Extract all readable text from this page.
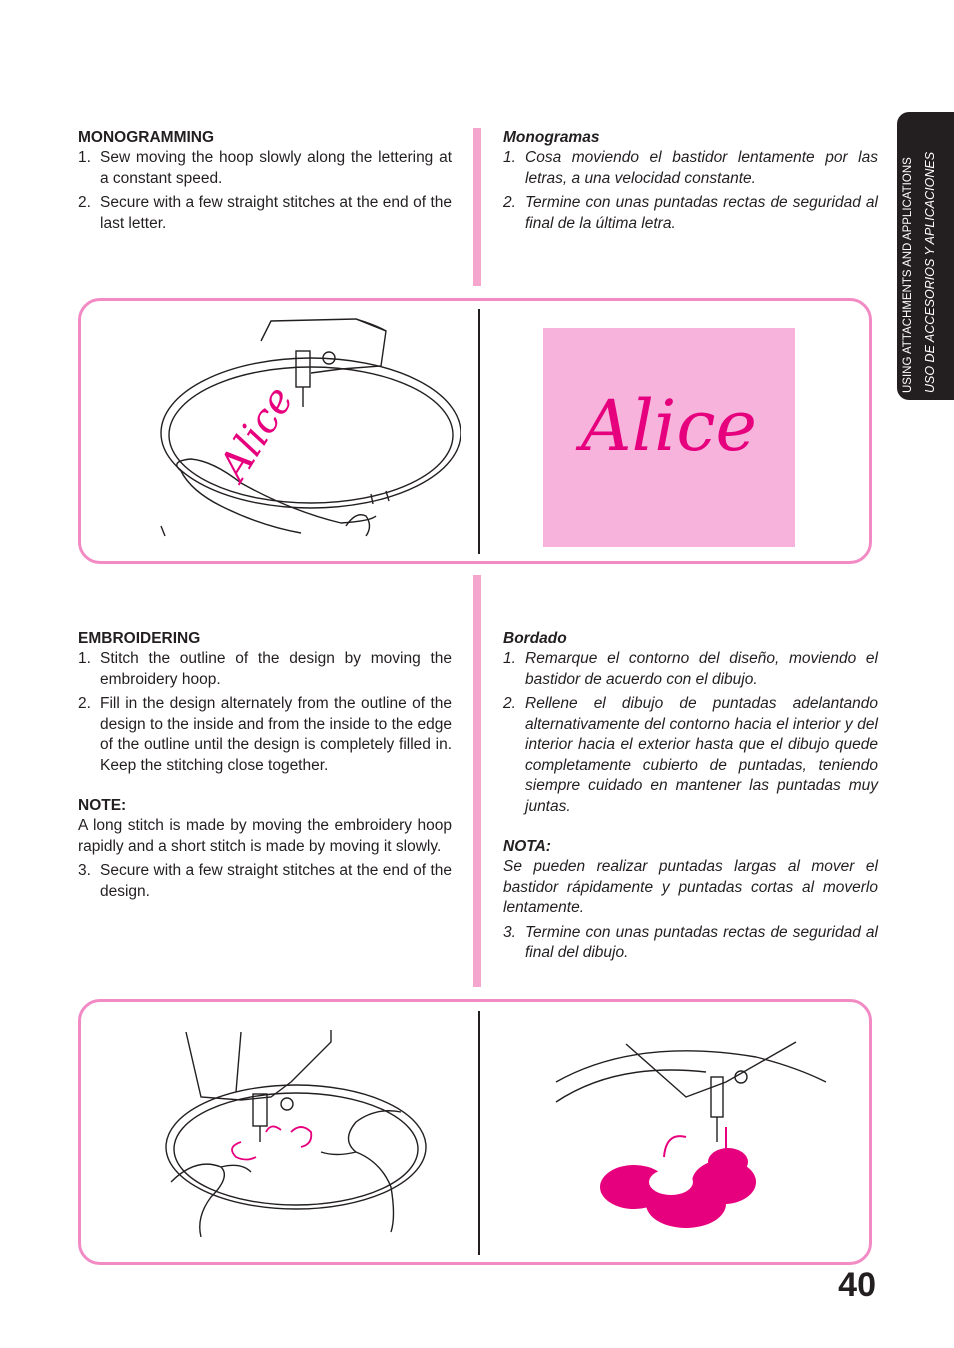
MONOGRAMMING
1. Sew moving the hoop slowly along the lettering at a constant speed.
2. Secure with a few straight stitches at the end of the last letter.
Monogramas
1. Cosa moviendo el bastidor lentamente por las letras, a una velocidad constante.
2. Termine con unas puntadas rectas de seguridad al final de la última letra.
Alice	Alice
EMBROIDERING
1. Stitch the outline of the design by moving the embroidery hoop.
2. Fill in the design alternately from the outline of the design to the inside and from the inside to the edge of the outline until the design is completely filled in. Keep the stitching close together.
NOTE:

A long stitch is made by moving the embroidery hoop rapidly and a short stitch is made by moving it slowly.

3. Secure with a few straight stitches at the end of the design.
Bordado
1. Remarque el contorno del diseño, moviendo el bastidor de acuerdo con el dibujo.
2. Rellene el dibujo de puntadas adelantando alternativamente del contorno hacia el interior y del interior hacia el exterior hasta que el dibujo quede completamente cubierto de puntadas, teniendo siempre cuidado en mantener las puntadas muy juntas.
NOTA:

Se pueden realizar puntadas largas al mover el bastidor rápidamente y puntadas cortas al moverlo lentamente.

3. Termine con unas puntadas rectas de seguridad al final del dibujo.
USING ATTACHMENTS AND APPLICATIONS USO DE ACCESORIOS Y APLICACIONES
40
